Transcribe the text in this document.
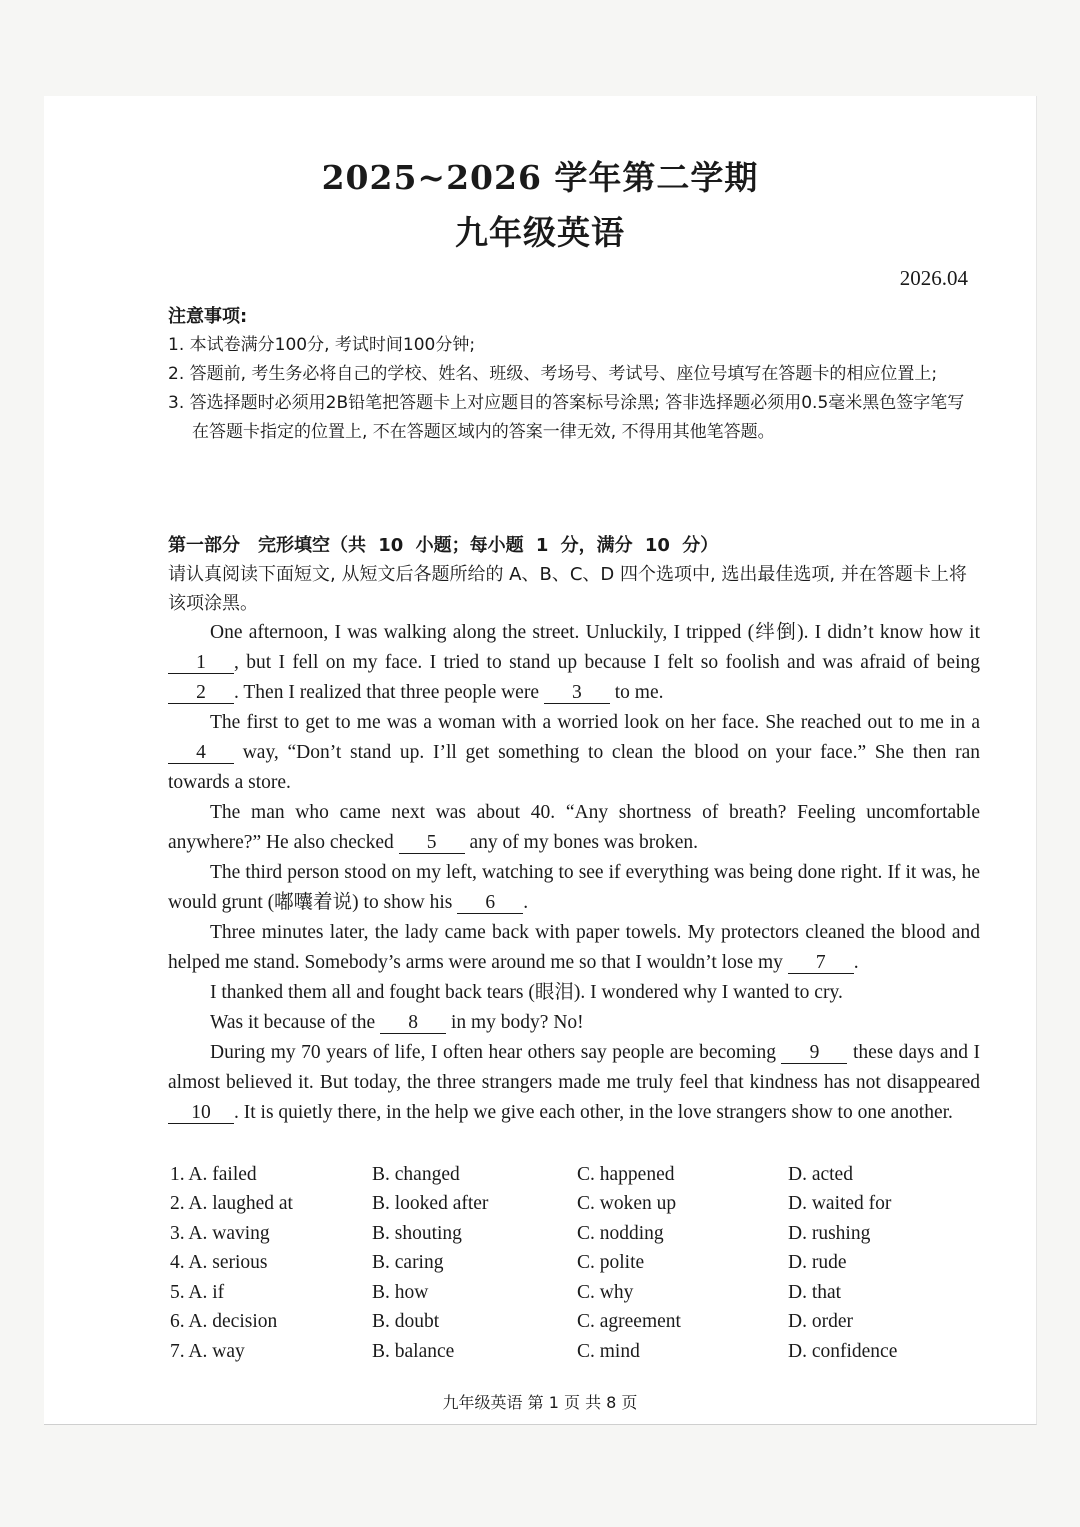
2025~2026 学年第二学期
九年级英语
2026.04
注意事项:
1. 本试卷满分100分, 考试时间100分钟;
2. 答题前, 考生务必将自己的学校、姓名、班级、考场号、考试号、座位号填写在答题卡的相应位置上;
3. 答选择题时必须用2B铅笔把答题卡上对应题目的答案标号涂黑; 答非选择题必须用0.5毫米黑色签字笔写在答题卡指定的位置上, 不在答题区域内的答案一律无效, 不得用其他笔答题。
第一部分　完形填空（共 10 小题；每小题 1 分，满分 10 分）
请认真阅读下面短文, 从短文后各题所给的 A、B、C、D 四个选项中, 选出最佳选项, 并在答题卡上将该项涂黑。

One afternoon, I was walking along the street. Unluckily, I tripped (绊倒). I didn’t know how it 1 , but I fell on my face. I tried to stand up because I felt so foolish and was afraid of being 2 . Then I realized that three people were 3 to me.

The first to get to me was a woman with a worried look on her face. She reached out to me in a 4 way, “Don’t stand up. I’ll get something to clean the blood on your face.” She then ran towards a store.

The man who came next was about 40. “Any shortness of breath? Feeling uncomfortable anywhere?” He also checked 5 any of my bones was broken.

The third person stood on my left, watching to see if everything was being done right. If it was, he would grunt (嘟囔着说) to show his 6 .

Three minutes later, the lady came back with paper towels. My protectors cleaned the blood and helped me stand. Somebody’s arms were around me so that I wouldn’t lose my 7 .

I thanked them all and fought back tears (眼泪). I wondered why I wanted to cry.

Was it because of the 8 in my body? No!

During my 70 years of life, I often hear others say people are becoming 9 these days and I almost believed it. But today, the three strangers made me truly feel that kindness has not disappeared 10 . It is quietly there, in the help we give each other, in the love strangers show to one another.

1. A. failed	B. changed	C. happened	D. acted
2. A. laughed at	B. looked after	C. woken up	D. waited for
3. A. waving	B. shouting	C. nodding	D. rushing
4. A. serious	B. caring	C. polite	D. rude
5. A. if	B. how	C. why	D. that
6. A. decision	B. doubt	C. agreement	D. order
7. A. way	B. balance	C. mind	D. confidence
九年级英语 第 1 页 共 8 页
